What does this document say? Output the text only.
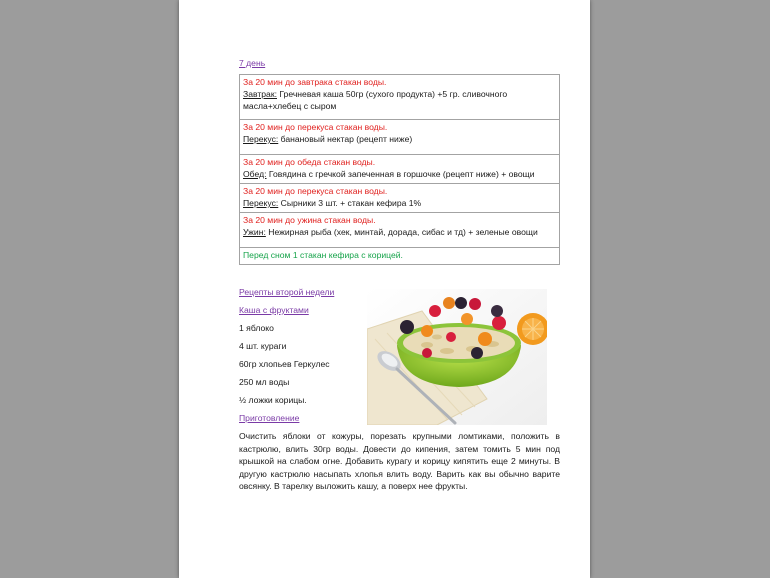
7 день
За 20 мин до завтрака стакан воды.
Завтрак: Гречневая каша 50гр (сухого продукта) +5 гр. сливочного масла+хлебец с сыром

За 20 мин до перекуса стакан воды.
Перекус: банановый нектар (рецепт ниже)

За 20 мин до обеда стакан воды.
Обед: Говядина с гречкой запеченная в горшочке (рецепт ниже) + овощи

За 20 мин до перекуса стакан воды.
Перекус: Сырники 3 шт. + стакан кефира 1%

За 20 мин до ужина стакан воды.
Ужин: Нежирная рыба (хек, минтай, дорада, сибас и тд) + зеленые овощи

Перед сном 1 стакан кефира с корицей.
Рецепты второй недели
Каша с фруктами
1 яблоко
4 шт. кураги
60гр хлопьев Геркулес
250 мл воды
½ ложки корицы.
Приготовление

Очистить яблоки от кожуры, порезать крупными ломтиками, положить в кастрюлю, влить 30гр воды. Довести до кипения, затем томить 5 мин под крышкой на слабом огне. Добавить курагу и корицу кипятить еще 2 минуты. В другую кастрюлю насыпать хлопья влить воду. Варить как вы обычно варите овсянку. В тарелку выложить кашу, а поверх нее фрукты.
